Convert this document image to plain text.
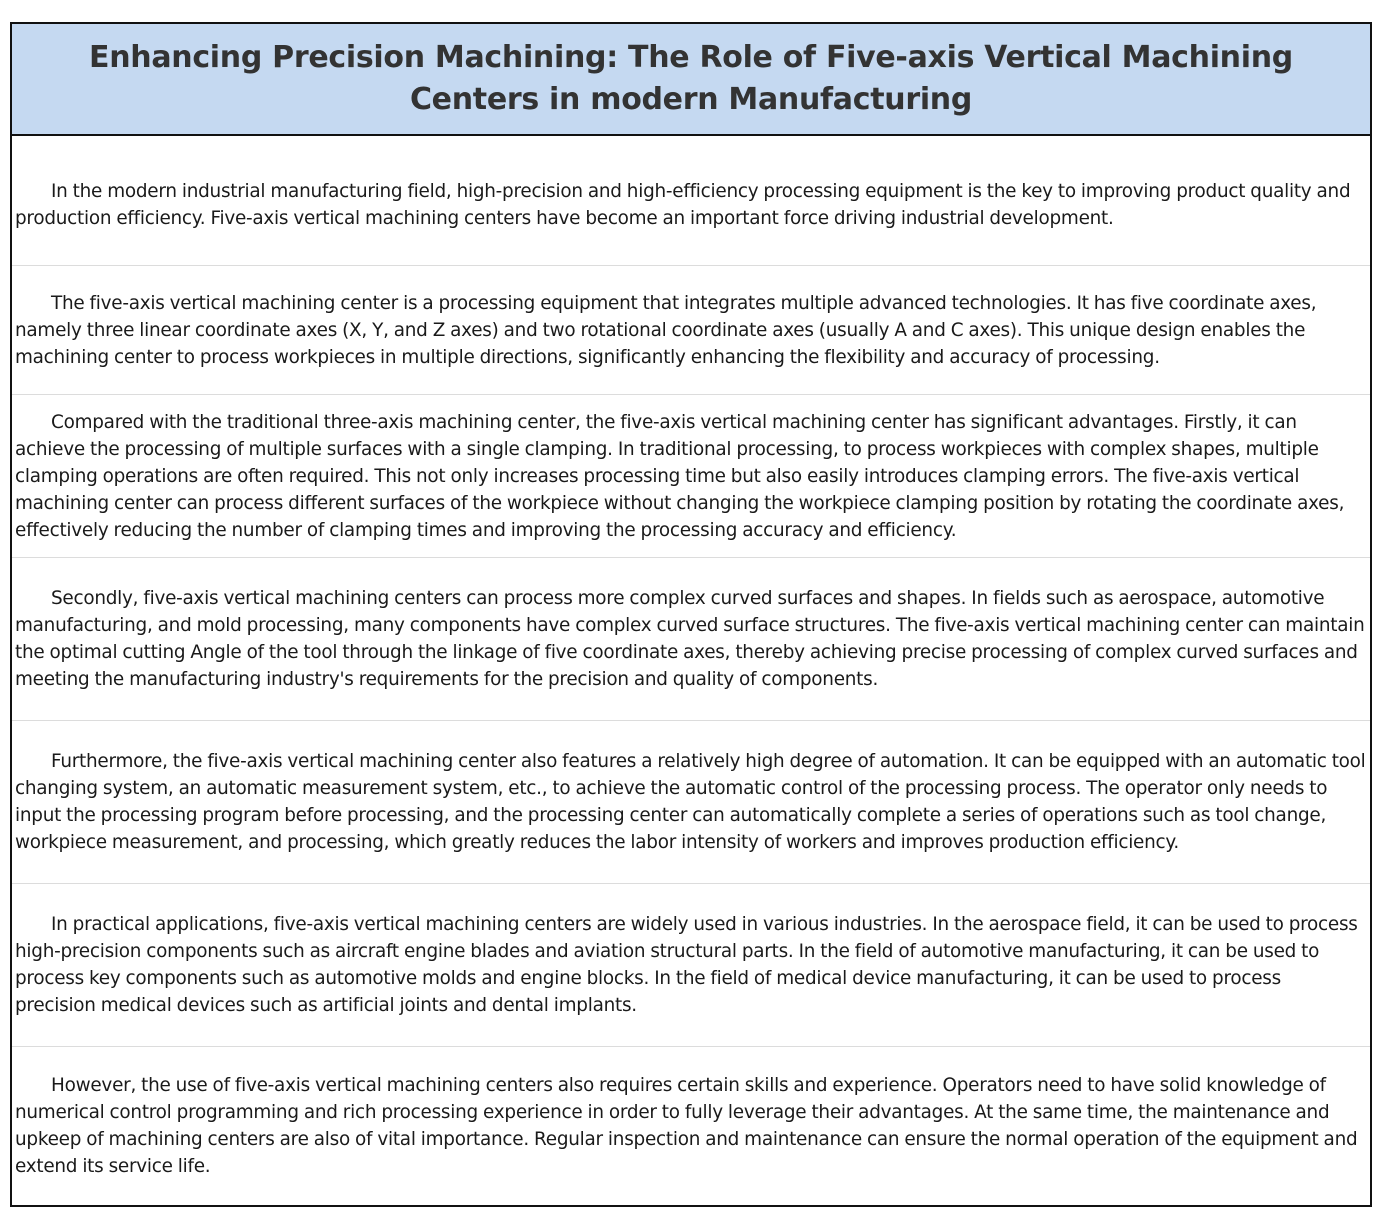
Enhancing Precision Machining: The Role of Five-axis Vertical Machining Centers in modern Manufacturing

In the modern industrial manufacturing field, high-precision and high-efficiency processing equipment is the key to improving product quality and production efficiency. Five-axis vertical machining centers have become an important force driving industrial development.

The five-axis vertical machining center is a processing equipment that integrates multiple advanced technologies. It has five coordinate axes, namely three linear coordinate axes (X, Y, and Z axes) and two rotational coordinate axes (usually A and C axes). This unique design enables the machining center to process workpieces in multiple directions, significantly enhancing the flexibility and accuracy of processing.

Compared with the traditional three-axis machining center, the five-axis vertical machining center has significant advantages. Firstly, it can achieve the processing of multiple surfaces with a single clamping. In traditional processing, to process workpieces with complex shapes, multiple clamping operations are often required. This not only increases processing time but also easily introduces clamping errors. The five-axis vertical machining center can process different surfaces of the workpiece without changing the workpiece clamping position by rotating the coordinate axes, effectively reducing the number of clamping times and improving the processing accuracy and efficiency.

Secondly, five-axis vertical machining centers can process more complex curved surfaces and shapes. In fields such as aerospace, automotive manufacturing, and mold processing, many components have complex curved surface structures. The five-axis vertical machining center can maintain the optimal cutting Angle of the tool through the linkage of five coordinate axes, thereby achieving precise processing of complex curved surfaces and meeting the manufacturing industry's requirements for the precision and quality of components.

Furthermore, the five-axis vertical machining center also features a relatively high degree of automation. It can be equipped with an automatic tool changing system, an automatic measurement system, etc., to achieve the automatic control of the processing process. The operator only needs to input the processing program before processing, and the processing center can automatically complete a series of operations such as tool change, workpiece measurement, and processing, which greatly reduces the labor intensity of workers and improves production efficiency.

In practical applications, five-axis vertical machining centers are widely used in various industries. In the aerospace field, it can be used to process high-precision components such as aircraft engine blades and aviation structural parts. In the field of automotive manufacturing, it can be used to process key components such as automotive molds and engine blocks. In the field of medical device manufacturing, it can be used to process precision medical devices such as artificial joints and dental implants.

However, the use of five-axis vertical machining centers also requires certain skills and experience. Operators need to have solid knowledge of numerical control programming and rich processing experience in order to fully leverage their advantages. At the same time, the maintenance and upkeep of machining centers are also of vital importance. Regular inspection and maintenance can ensure the normal operation of the equipment and extend its service life.
